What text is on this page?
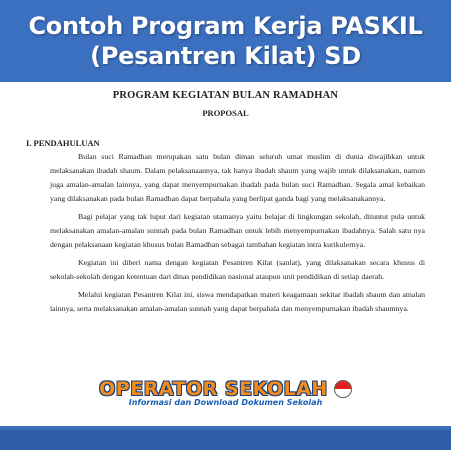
Contoh Program Kerja PASKIL
(Pesantren Kilat) SD
PROGRAM KEGIATAN BULAN RAMADHAN
PROPOSAL
I. PENDAHULUAN

Bulan suci Ramadhan merupakan satu bulan diman seluruh umat muslim di dunia diwajibkan untuk melaksanakan ibadah shaum. Dalam pelaksanaannya, tak hanya ibadah shaum yang wajib untuk dilaksanakan, namun juga amalan-amalan lainnya, yang dapat menyempurnakan ibadah pada bulan suci Ramadhan. Segala amal kebaikan yang dilaksanakan pada bulan Ramadhan dapat berpahala yang berlipat ganda bagi yang melaksanakannya.

Bagi pelajar yang tak luput dari kegiatan utamanya yaitu belajar di lingkungan sekolah, dituntut pula untuk melaksanakan amalan-amalan sunnah pada bulan Ramadhan untuk lebih menyempurnakan ibadahnya. Salah satu nya dengan pelaksanaan kegiatan khusus bulan Ramadhan sebagai tambahan kegiatan intra kurikulernya.

Kegiatan ini diberi nama dengan kegiatan Pesantren Kilat (sanlat), yang dilaksanakan secara khusus di sekolah-sekolah dengan ketentuan dari dinas pendidikan nasional ataupun unit pendidikan di setiap daerah.

Melalui kegiatan Pesantren Kilat ini, siswa mendapatkan materi keagamaan sekitar ibadah shaum dan amalan lainnya, serta melaksanakan amalan-amalan sunnah yang dapat berpahala dan menyempurnakan ibadah shaumnya.

OPERATOR SEKOLAH
Informasi dan Download Dokumen Sekolah
